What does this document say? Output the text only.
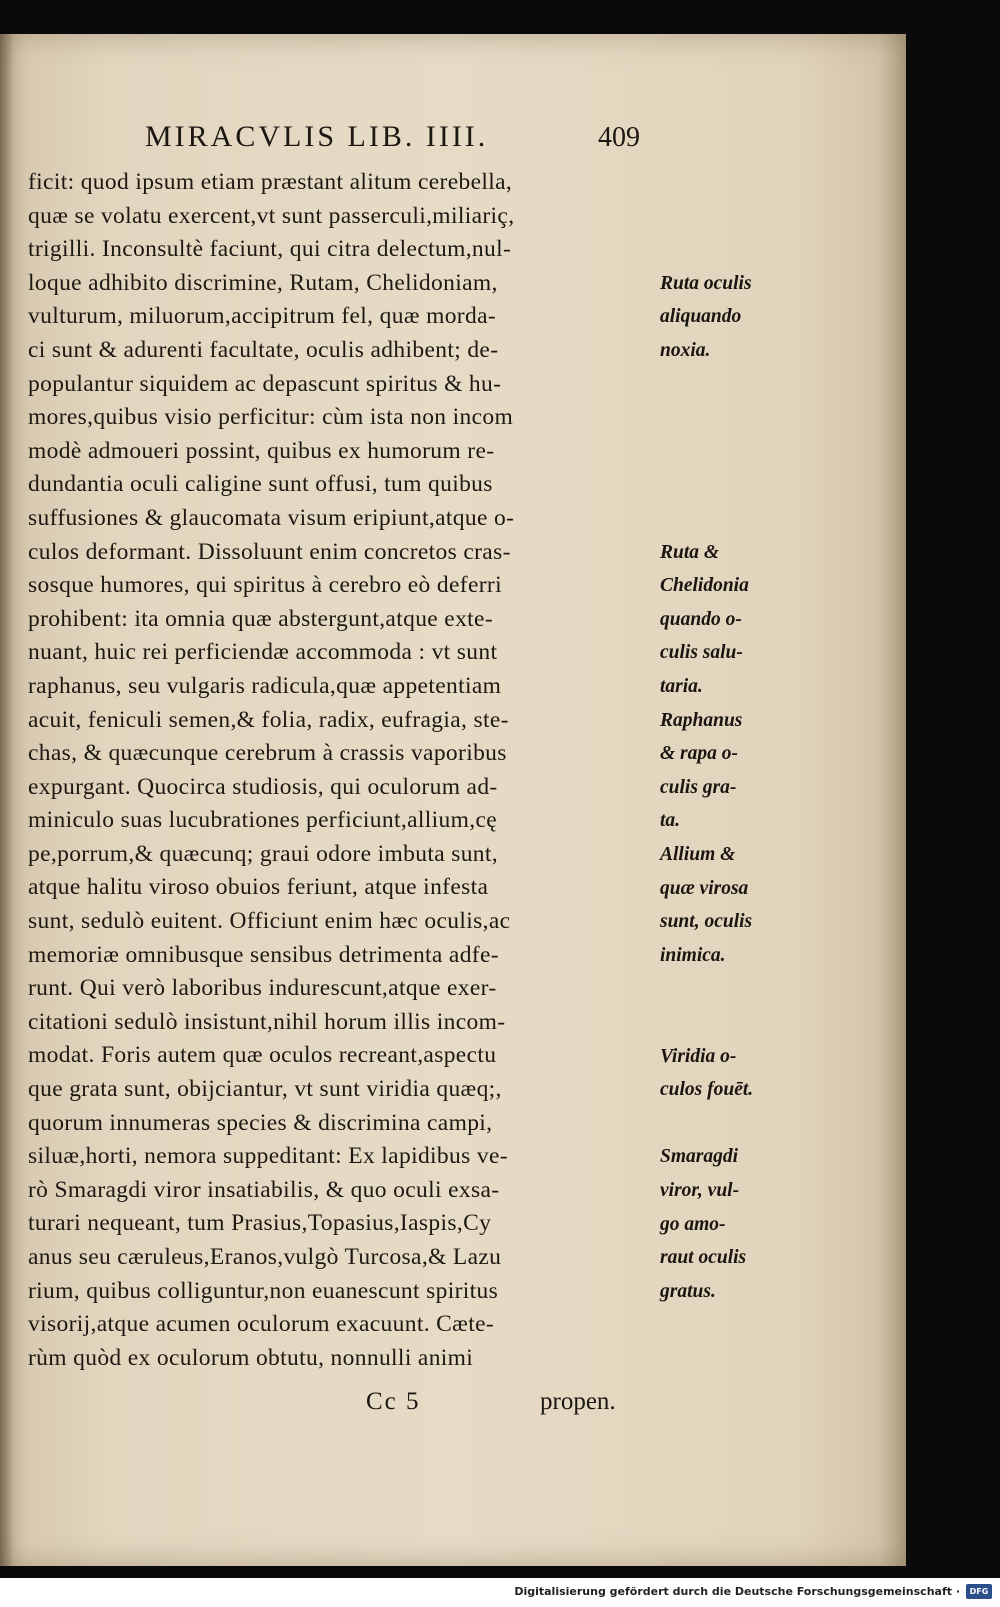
MIRACVLIS LIB. IIII.	409
ficit: quod ipsum etiam præstant alitum cerebella,
quæ se volatu exercent,vt sunt passerculi,miliariç,
trigilli. Inconsultè faciunt, qui citra delectum,nul-
loque adhibito discrimine, Rutam, Chelidoniam,
vulturum, miluorum,accipitrum fel, quæ morda-
ci sunt & adurenti facultate, oculis adhibent; de-
populantur siquidem ac depascunt spiritus & hu-
mores,quibus visio perficitur: cùm ista non incom
modè admoueri possint, quibus ex humorum re-
dundantia oculi caligine sunt offusi, tum quibus
suffusiones & glaucomata visum eripiunt,atque o-
culos deformant. Dissoluunt enim concretos cras-
sosque humores, qui spiritus à cerebro eò deferri
prohibent: ita omnia quæ abstergunt,atque exte-
nuant, huic rei perficiendæ accommoda : vt sunt
raphanus, seu vulgaris radicula,quæ appetentiam
acuit, feniculi semen,& folia, radix, eufragia, ste-
chas, & quæcunque cerebrum à crassis vaporibus
expurgant. Quocirca studiosis, qui oculorum ad-
miniculo suas lucubrationes perficiunt,allium,cę
pe,porrum,& quæcunq; graui odore imbuta sunt,
atque halitu viroso obuios feriunt, atque infesta
sunt, sedulò euitent. Officiunt enim hæc oculis,ac
memoriæ omnibusque sensibus detrimenta adfe-
runt. Qui verò laboribus indurescunt,atque exer-
citationi sedulò insistunt,nihil horum illis incom-
modat. Foris autem quæ oculos recreant,aspectu
que grata sunt, obijciantur, vt sunt viridia quæq;,
quorum innumeras species & discrimina campi,
siluæ,horti, nemora suppeditant: Ex lapidibus ve-
rò Smaragdi viror insatiabilis, & quo oculi exsa-
turari nequeant, tum Prasius,Topasius,Iaspis,Cy
anus seu cæruleus,Eranos,vulgò Turcosa,& Lazu
rium, quibus colliguntur,non euanescunt spiritus
visorij,atque acumen oculorum exacuunt. Cæte-
rùm quòd ex oculorum obtutu, nonnulli animi
Ruta oculis
aliquando
noxia.
Ruta &
Chelidonia
quando o-
culis salu-
taria.
Raphanus
& rapa o-
culis gra-
ta.
Allium &
quæ virosa
sunt, oculis
inimica.
Viridia o-
culos fouēt.
Smaragdi
viror, vul-
go amo-
raut oculis
gratus.
Cc 5	propen.
Digitalisierung gefördert durch die Deutsche Forschungsgemeinschaft ·	DFG
